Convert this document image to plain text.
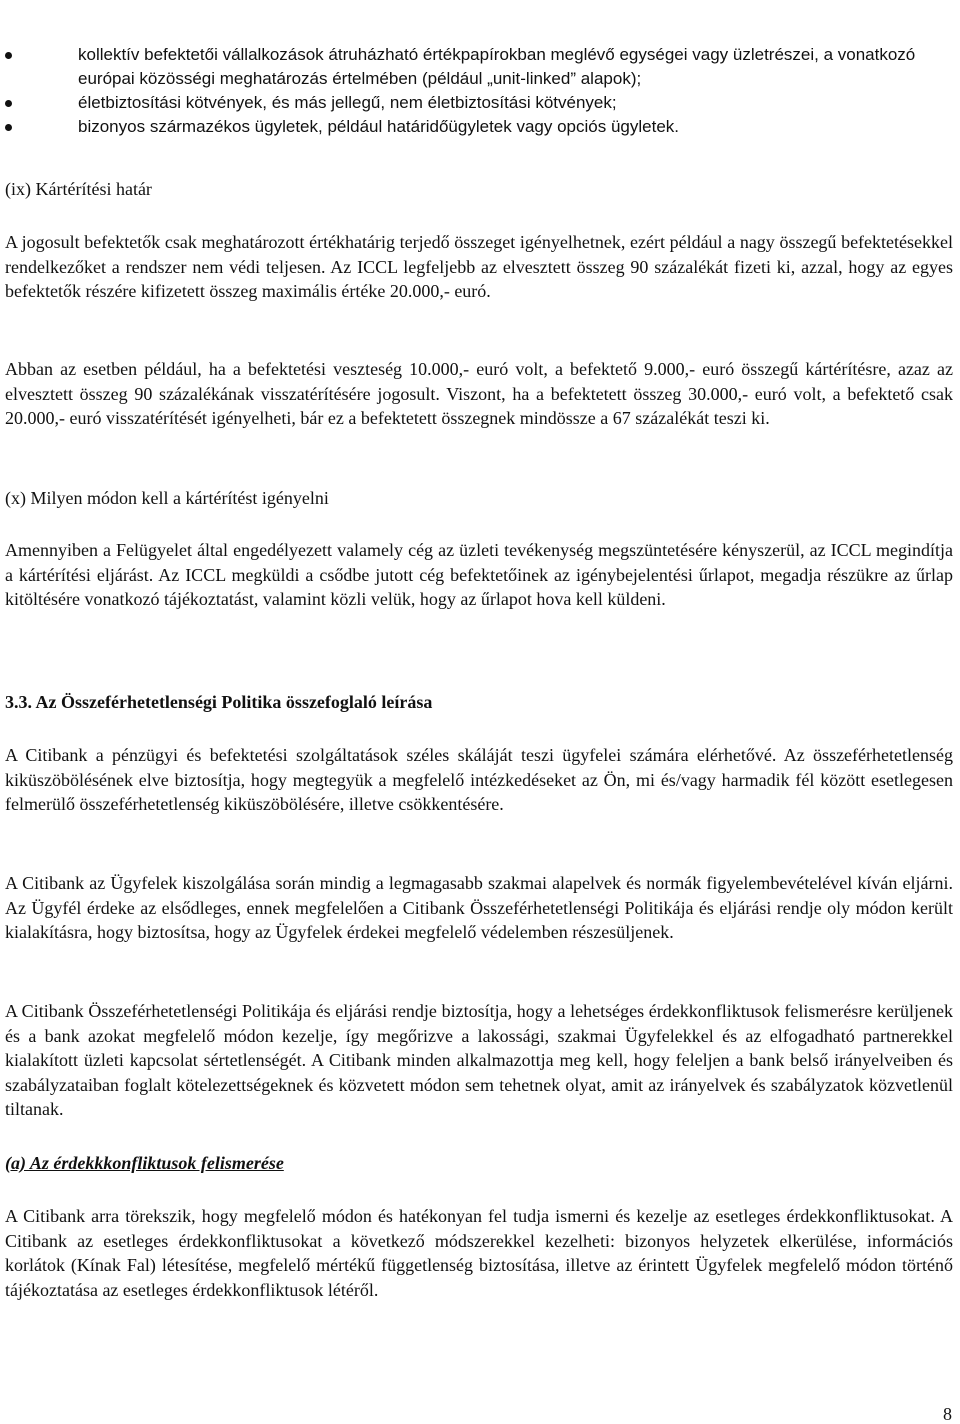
kollektív befektetői vállalkozások átruházható értékpapírokban meglévő egységei vagy üzletrészei, a vonatkozó európai közösségi meghatározás értelmében (például „unit-linked” alapok);
életbiztosítási kötvények, és más jellegű, nem életbiztosítási kötvények;
bizonyos származékos ügyletek, például határidőügyletek vagy opciós ügyletek.
(ix) Kártérítési határ
A jogosult befektetők csak meghatározott értékhatárig terjedő összeget igényelhetnek, ezért például a nagy összegű befektetésekkel rendelkezőket a rendszer nem védi teljesen. Az ICCL legfeljebb az elvesztett összeg 90 százalékát fizeti ki, azzal, hogy az egyes befektetők részére kifizetett összeg maximális értéke 20.000,- euró.
Abban az esetben például, ha a befektetési veszteség 10.000,- euró volt, a befektető 9.000,- euró összegű kártérítésre, azaz az elvesztett összeg 90 százalékának visszatérítésére jogosult. Viszont, ha a befektetett összeg 30.000,- euró volt, a befektető csak 20.000,- euró visszatérítését igényelheti, bár ez a befektetett összegnek mindössze a 67 százalékát teszi ki.
(x) Milyen módon kell a kártérítést igényelni
Amennyiben a Felügyelet által engedélyezett valamely cég az üzleti tevékenység megszüntetésére kényszerül, az ICCL megindítja a kártérítési eljárást. Az ICCL megküldi a csődbe jutott cég befektetőinek az igénybejelentési űrlapot, megadja részükre az űrlap kitöltésére vonatkozó tájékoztatást, valamint közli velük, hogy az űrlapot hova kell küldeni.
3.3. Az Összeférhetetlenségi Politika összefoglaló leírása
A Citibank a pénzügyi és befektetési szolgáltatások széles skáláját teszi ügyfelei számára elérhetővé. Az összeférhetetlenség kiküszöbölésének elve biztosítja, hogy megtegyük a megfelelő intézkedéseket az Ön, mi és/vagy harmadik fél között esetlegesen felmerülő összeférhetetlenség kiküszöbölésére, illetve csökkentésére.
A Citibank az Ügyfelek kiszolgálása során mindig a legmagasabb szakmai alapelvek és normák figyelembevételével kíván eljárni. Az Ügyfél érdeke az elsődleges, ennek megfelelően a Citibank Összeférhetetlenségi Politikája és eljárási rendje oly módon került kialakításra, hogy biztosítsa, hogy az Ügyfelek érdekei megfelelő védelemben részesüljenek.
A Citibank Összeférhetetlenségi Politikája és eljárási rendje biztosítja, hogy a lehetséges érdekkonfliktusok felismerésre kerüljenek és a bank azokat megfelelő módon kezelje, így megőrizve a lakossági, szakmai Ügyfelekkel és az elfogadható partnerekkel kialakított üzleti kapcsolat sértetlenségét. A Citibank minden alkalmazottja meg kell, hogy feleljen a bank belső irányelveiben és szabályzataiban foglalt kötelezettségeknek és közvetett módon sem tehetnek olyat, amit az irányelvek és szabályzatok közvetlenül tiltanak.
(a) Az érdekkkonfliktusok felismerése
A Citibank arra törekszik, hogy megfelelő módon és hatékonyan fel tudja ismerni és kezelje az esetleges érdekkonfliktusokat. A Citibank az esetleges érdekkonfliktusokat a következő módszerekkel kezelheti: bizonyos helyzetek elkerülése, információs korlátok (Kínak Fal) létesítése, megfelelő mértékű függetlenség biztosítása, illetve az érintett Ügyfelek megfelelő módon történő tájékoztatása az esetleges érdekkonfliktusok létéről.
8
